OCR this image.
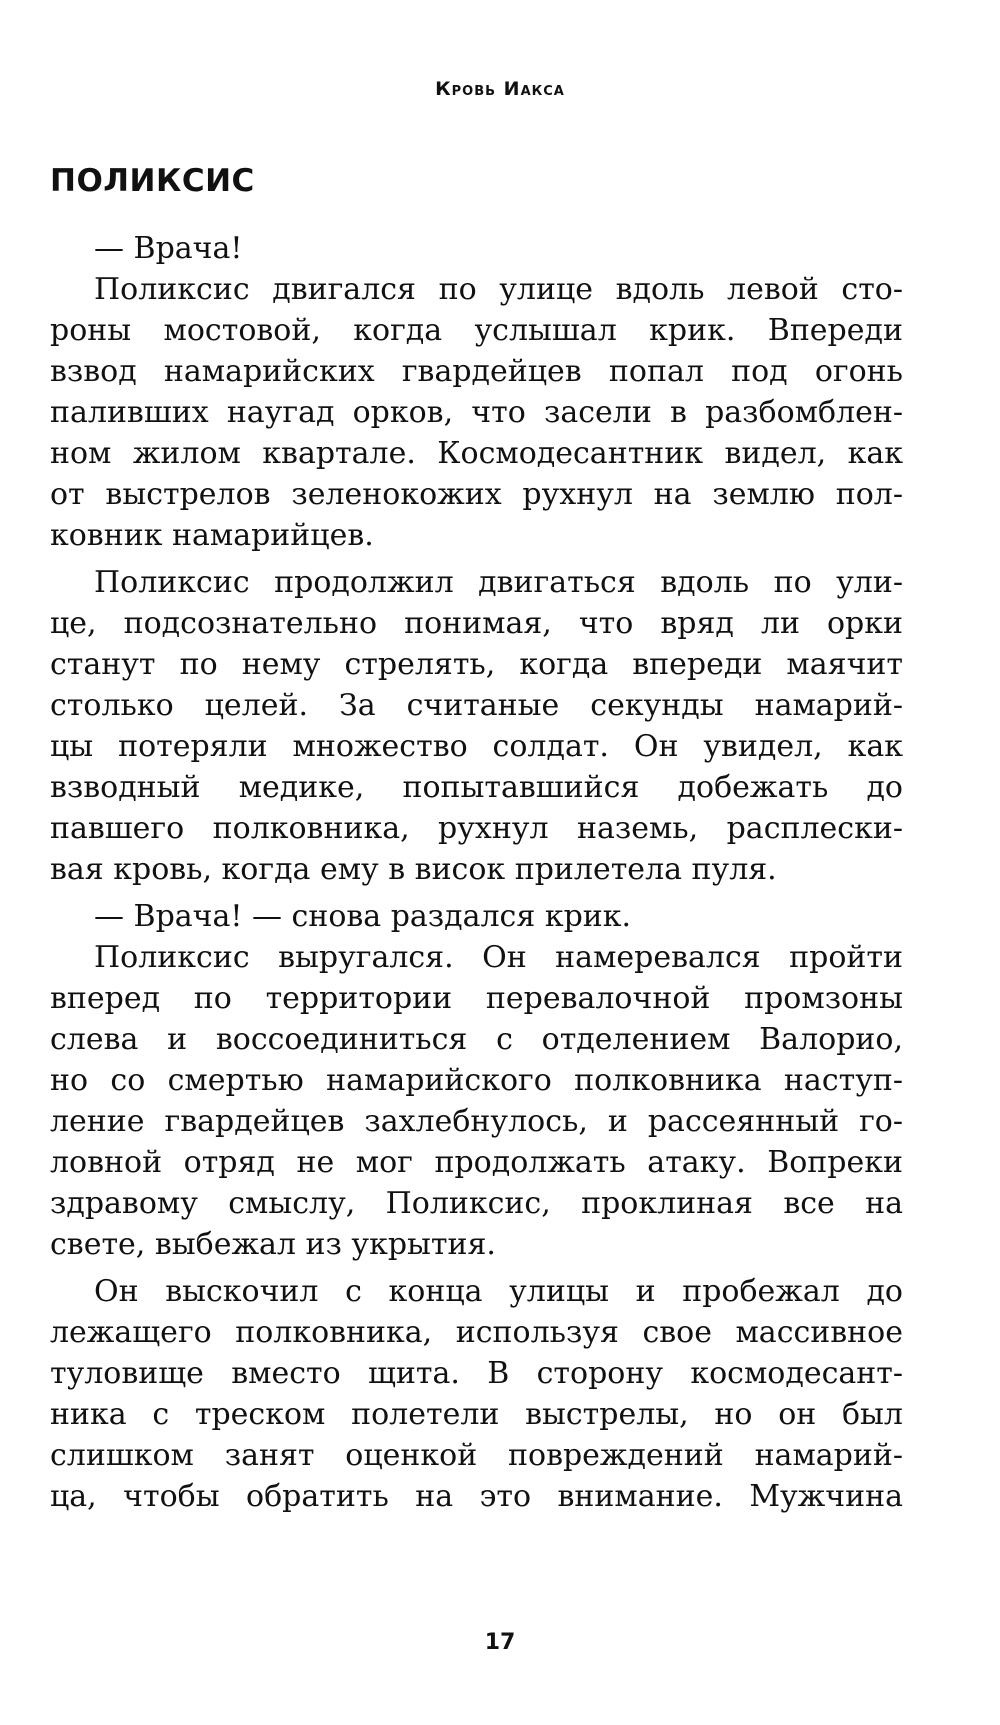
Кровь Иакса
ПОЛИКСИС
— Врача!
Поликсис двигался по улице вдоль левой сто-
роны мостовой, когда услышал крик. Впереди
взвод намарийских гвардейцев попал под огонь
паливших наугад орков, что засели в разбомблен-
ном жилом квартале. Космодесантник видел, как
от выстрелов зеленокожих рухнул на землю пол-
ковник намарийцев.
Поликсис продолжил двигаться вдоль по ули-
це, подсознательно понимая, что вряд ли орки
станут по нему стрелять, когда впереди маячит
столько целей. За считаные секунды намарий-
цы потеряли множество солдат. Он увидел, как
взводный медике, попытавшийся добежать до
павшего полковника, рухнул наземь, расплески-
вая кровь, когда ему в висок прилетела пуля.
— Врача! — снова раздался крик.
Поликсис выругался. Он намеревался пройти
вперед по территории перевалочной промзоны
слева и воссоединиться с отделением Валорио,
но со смертью намарийского полковника наступ-
ление гвардейцев захлебнулось, и рассеянный го-
ловной отряд не мог продолжать атаку. Вопреки
здравому смыслу, Поликсис, проклиная все на
свете, выбежал из укрытия.
Он выскочил с конца улицы и пробежал до
лежащего полковника, используя свое массивное
туловище вместо щита. В сторону космодесант-
ника с треском полетели выстрелы, но он был
слишком занят оценкой повреждений намарий-
ца, чтобы обратить на это внимание. Мужчина
17
